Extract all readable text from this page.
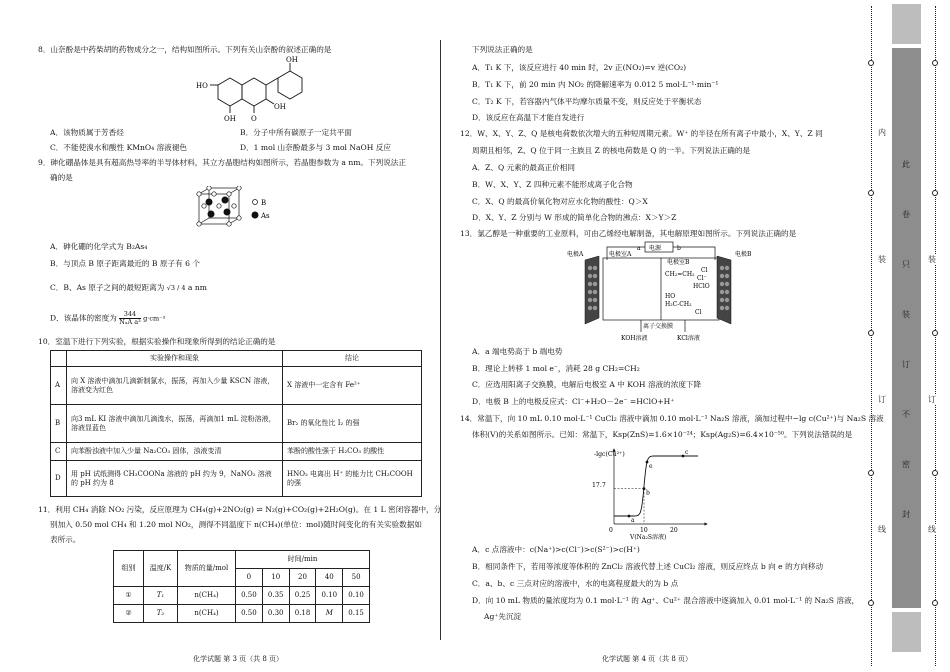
8．山奈酚是中药柴胡的药物成分之一，结构如图所示。下列有关山奈酚的叙述正确的是
OH
HO
OH
OH O
A．该物质属于芳香烃	B．分子中所有碳原子一定共平面
C．不能使溴水和酸性 KMnO₄ 溶液褪色	D．1 mol 山奈酚最多与 3 mol NaOH 反应
9．砷化硼晶体是具有超高热导率的半导体材料，其立方晶胞结构如图所示，若晶胞参数为 a nm。下列说法正
确的是
B
As
A．砷化硼的化学式为 B₂As₄
B．与顶点 B 原子距离最近的 B 原子有 6 个
C．B、As 原子之间的最短距离为 √3 / 4 a nm
D．该晶体的密度为	344
NₐA a³ g·cm⁻³
10．室温下进行下列实验，根据实验操作和现象所得到的结论正确的是
	实验操作和现象	结论
A	向 X 溶液中滴加几滴新制氯水，振荡，再加入少量 KSCN 溶液，溶液变为红色	X 溶液中一定含有 Fe²⁺
B	向3 mL KI 溶液中滴加几滴溴水，振荡，再滴加1 mL 淀粉溶液，溶液显蓝色	Br₂ 的氧化性比 I₂ 的强
C	向苯酚浊液中加入少量 Na₂CO₃ 固体，浊液变清	苯酚的酸性强于 H₂CO₃ 的酸性
D	用 pH 试纸测得 CH₃COONa 溶液的 pH 约为 9，NaNO₂ 溶液的 pH 约为 8	HNO₂ 电离出 H⁺ 的能力比 CH₃COOH 的强
11．利用 CH₄ 消除 NO₂ 污染，反应原理为 CH₄(g)+2NO₂(g) ⇌ N₂(g)+CO₂(g)+2H₂O(g)。在 1 L 密闭容器中，分
别加入 0.50 mol CH₄ 和 1.20 mol NO₂，测得不同温度下 n(CH₄)(单位：mol)随时间变化的有关实验数据如
表所示。
组别	温度/K	物质的量/mol	时间/min				
			0	10	20	40	50
①	T₁	n(CH₄)	0.50	0.35	0.25	0.10	0.10
②	T₂	n(CH₄)	0.50	0.30	0.18	M	0.15
化学试题 第 3 页（共 8 页）
下列说法正确的是
A．T₁ K 下，该反应进行 40 min 时，2v 正(NO₂)=v 逆(CO₂)
B．T₁ K 下，前 20 min 内 NO₂ 的降解速率为 0.012 5 mol·L⁻¹·min⁻¹
C．T₂ K 下，若容器内气体平均摩尔质量不变，则反应处于平衡状态
D．该反应在高温下才能自发进行
12．W、X、Y、Z、Q 是核电荷数依次增大的五种短周期元素。W⁺ 的半径在所有离子中最小，X、Y、Z 同
周期且相邻，Z、Q 位于同一主族且 Z 的核电荷数是 Q 的一半。下列说法正确的是
A．Z、Q 元素的最高正价相同
B．W、X、Y、Z 四种元素不能形成离子化合物
C．X、Q 的最高价氧化物对应水化物的酸性：Q＞X
D．X、Y、Z 分别与 W 形成的简单化合物的沸点：X＞Y＞Z
13．氯乙醇是一种重要的工业原料，可由乙烯经电解制备，其电解原理如图所示。下列说法正确的是
电源
a	b
电极A	电极B
电极室A
电极室B
CH₂=CH₂
Cl
HClO
Cl⁻
HO
H₂C-CH₂
Cl
离子交换膜
KOH溶液	KCl溶液
A．a 端电势高于 b 端电势
B．理论上转移 1 mol e⁻，消耗 28 g CH₂=CH₂
C．应选用阳离子交换膜，电解后电极室 A 中 KOH 溶液的浓度下降
D．电极 B 上的电极反应式：Cl⁻+H₂O－2e⁻ =HClO+H⁺
14．常温下，向 10 mL 0.10 mol·L⁻¹ CuCl₂ 溶液中滴加 0.10 mol·L⁻¹ Na₂S 溶液，滴加过程中−lg c(Cu²⁺)与 Na₂S 溶液
体积(V)的关系如图所示。已知：常温下，Ksp(ZnS)=1.6×10⁻²⁴；Ksp(Ag₂S)=6.4×10⁻⁵⁰。下列说法错误的是
-lgc(Cu²⁺)
17.7
0	10	20
V(Na₂S溶液)
a
b
c
e
A．c 点溶液中：c(Na⁺)>c(Cl⁻)>c(S²⁻)>c(H⁺)
B．相同条件下，若用等浓度等体积的 ZnCl₂ 溶液代替上述 CuCl₂ 溶液，则反应终点 b 向 e 的方向移动
C．a、b、c 三点对应的溶液中，水的电离程度最大的为 b 点
D．向 10 mL 物质的量浓度均为 0.1 mol·L⁻¹ 的 Ag⁺、Cu²⁺ 混合溶液中逐滴加入 0.01 mol·L⁻¹ 的 Na₂S 溶液，
Ag⁺先沉淀
化学试题 第 4 页（共 8 页）
此
卷
只
装
订
不
密
封
内
装
订
线
装
订
线
